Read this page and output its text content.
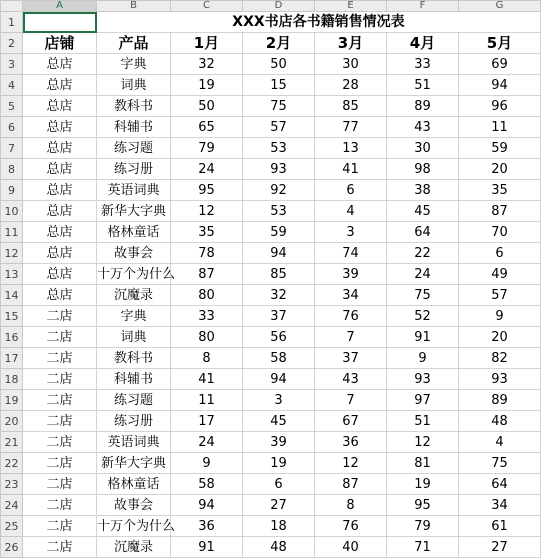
	A	B	C	D	E	F	G
1		XXX书店各书籍销售情况表					
2	店铺	产品	1月	2月	3月	4月	5月
3	总店	字典	32	50	30	33	69
4	总店	词典	19	15	28	51	94
5	总店	教科书	50	75	85	89	96
6	总店	科辅书	65	57	77	43	11
7	总店	练习题	79	53	13	30	59
8	总店	练习册	24	93	41	98	20
9	总店	英语词典	95	92	6	38	35
10	总店	新华大字典	12	53	4	45	87
11	总店	格林童话	35	59	3	64	70
12	总店	故事会	78	94	74	22	6
13	总店	十万个为什么	87	85	39	24	49
14	总店	沉魔录	80	32	34	75	57
15	二店	字典	33	37	76	52	9
16	二店	词典	80	56	7	91	20
17	二店	教科书	8	58	37	9	82
18	二店	科辅书	41	94	43	93	93
19	二店	练习题	11	3	7	97	89
20	二店	练习册	17	45	67	51	48
21	二店	英语词典	24	39	36	12	4
22	二店	新华大字典	9	19	12	81	75
23	二店	格林童话	58	6	87	19	64
24	二店	故事会	94	27	8	95	34
25	二店	十万个为什么	36	18	76	79	61
26	二店	沉魔录	91	48	40	71	27
